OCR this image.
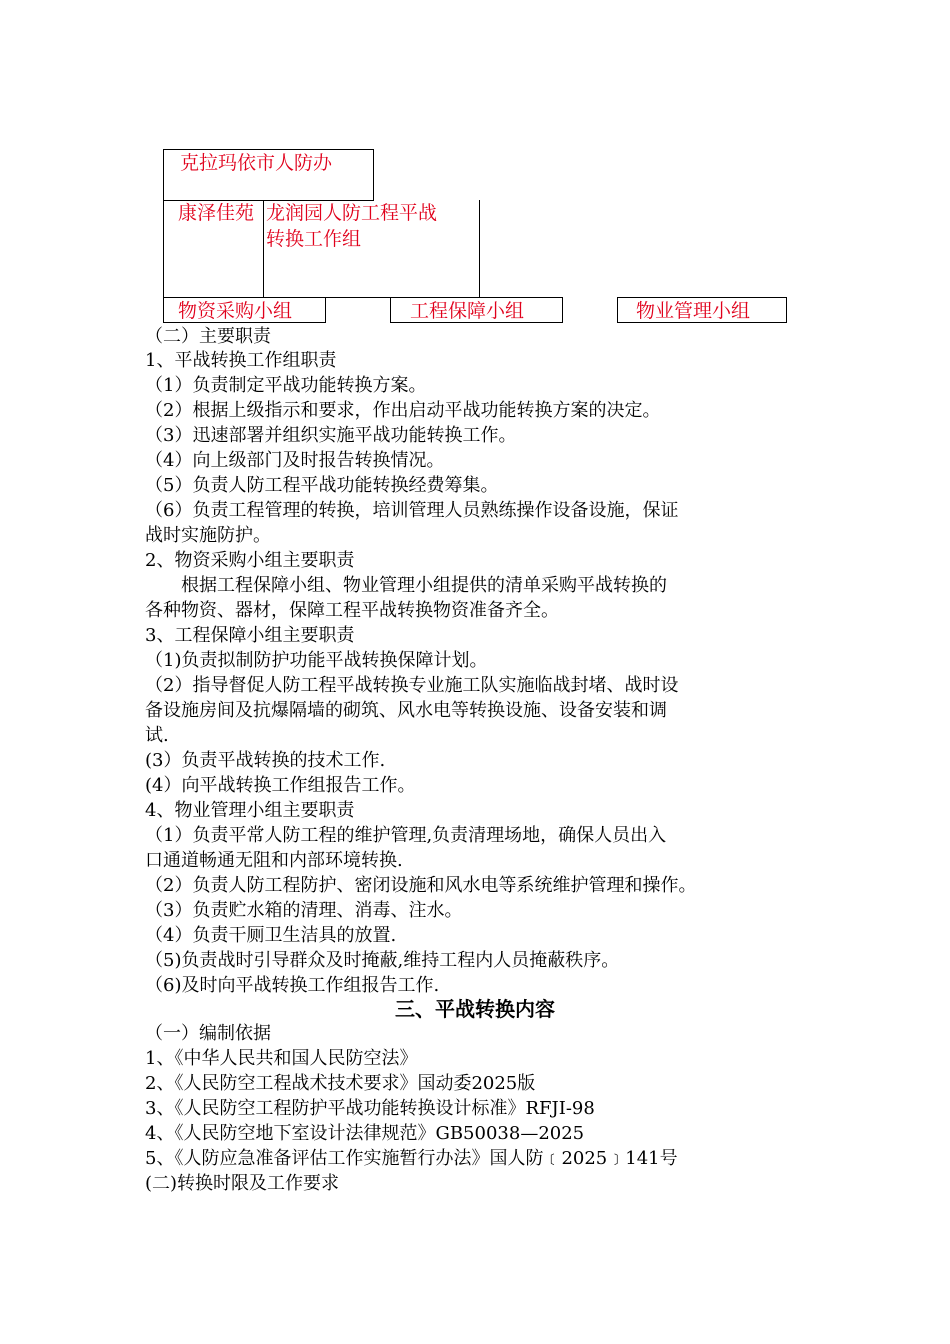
克拉玛依市人防办
龙润园人防工程平战
转换工作组
康泽佳苑
物资采购小组	工程保障小组	物业管理小组
（二）主要职责
1、平战转换工作组职责
（1）负责制定平战功能转换方案。
（2）根据上级指示和要求，作出启动平战功能转换方案的决定。
（3）迅速部署并组织实施平战功能转换工作。
（4）向上级部门及时报告转换情况。
（5）负责人防工程平战功能转换经费筹集。
（6）负责工程管理的转换，培训管理人员熟练操作设备设施，保证
战时实施防护。
2、物资采购小组主要职责
　　根据工程保障小组、物业管理小组提供的清单采购平战转换的
各种物资、器材，保障工程平战转换物资准备齐全。
3、工程保障小组主要职责
（1)负责拟制防护功能平战转换保障计划。
（2）指导督促人防工程平战转换专业施工队实施临战封堵、战时设
备设施房间及抗爆隔墙的砌筑、风水电等转换设施、设备安装和调
试.
(3）负责平战转换的技术工作.
(4）向平战转换工作组报告工作。
4、物业管理小组主要职责
（1）负责平常人防工程的维护管理,负责清理场地，确保人员出入
口通道畅通无阻和内部环境转换.
（2）负责人防工程防护、密闭设施和风水电等系统维护管理和操作。
（3）负责贮水箱的清理、消毒、注水。
（4）负责干厕卫生洁具的放置.
（5)负责战时引导群众及时掩蔽,维持工程内人员掩蔽秩序。
（6)及时向平战转换工作组报告工作.
三、平战转换内容
（一）编制依据
1、《中华人民共和国人民防空法》
2、《人民防空工程战术技术要求》国动委2025版
3、《人民防空工程防护平战功能转换设计标准》RFJI-98
4、《人民防空地下室设计法律规范》GB50038—2025
5、《人防应急准备评估工作实施暂行办法》国人防﹝2025﹞141号
(二)转换时限及工作要求
